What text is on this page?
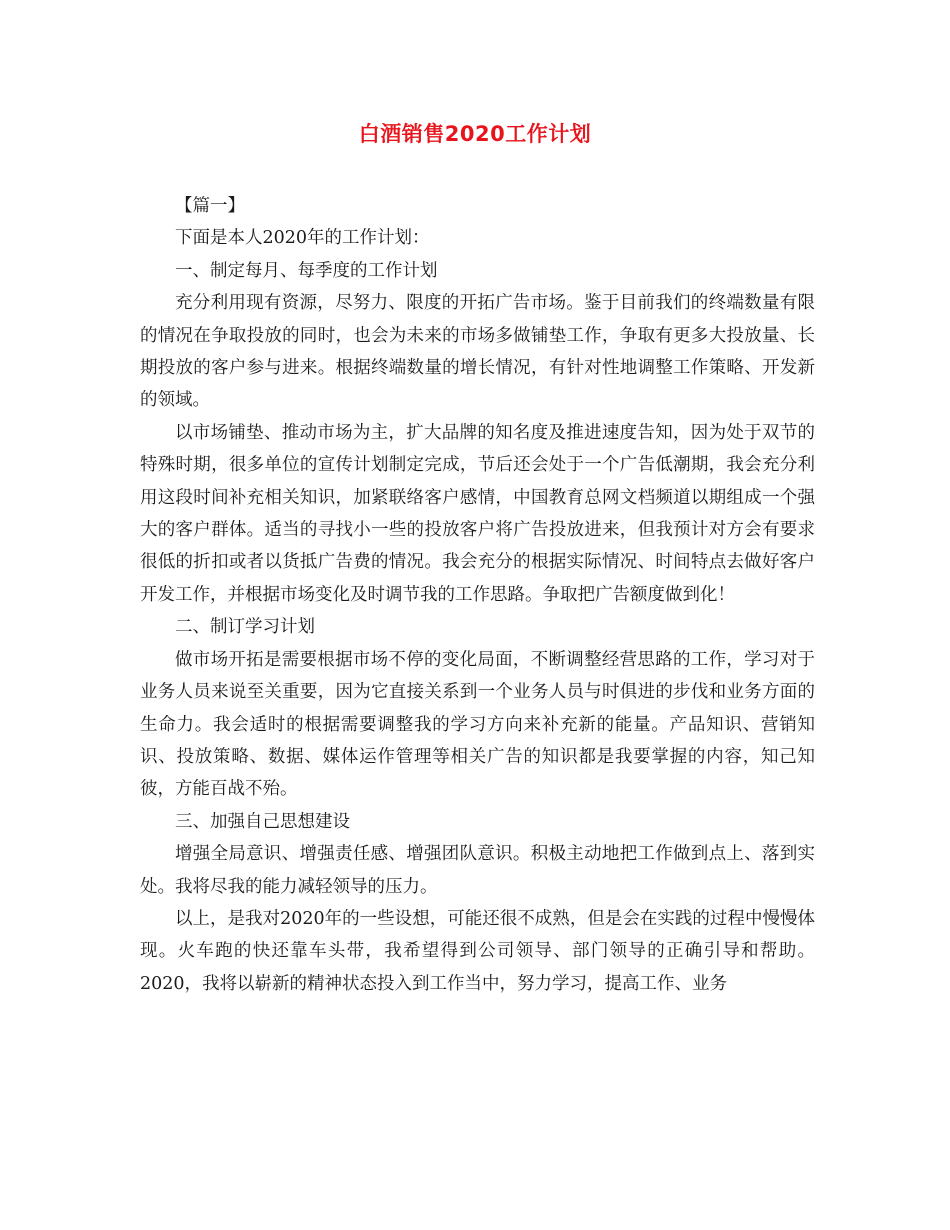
白酒销售2020工作计划

【篇一】

下面是本人2020年的工作计划：

一、制定每月、每季度的工作计划

充分利用现有资源，尽努力、限度的开拓广告市场。鉴于目前我们的终端数量有限的情况在争取投放的同时，也会为未来的市场多做铺垫工作，争取有更多大投放量、长期投放的客户参与进来。根据终端数量的增长情况，有针对性地调整工作策略、开发新的领域。

以市场铺垫、推动市场为主，扩大品牌的知名度及推进速度告知，因为处于双节的特殊时期，很多单位的宣传计划制定完成，节后还会处于一个广告低潮期，我会充分利用这段时间补充相关知识，加紧联络客户感情，中国教育总网文档频道以期组成一个强大的客户群体。适当的寻找小一些的投放客户将广告投放进来，但我预计对方会有要求很低的折扣或者以货抵广告费的情况。我会充分的根据实际情况、时间特点去做好客户开发工作，并根据市场变化及时调节我的工作思路。争取把广告额度做到化！

二、制订学习计划

做市场开拓是需要根据市场不停的变化局面，不断调整经营思路的工作，学习对于业务人员来说至关重要，因为它直接关系到一个业务人员与时俱进的步伐和业务方面的生命力。我会适时的根据需要调整我的学习方向来补充新的能量。产品知识、营销知识、投放策略、数据、媒体运作管理等相关广告的知识都是我要掌握的内容，知己知彼，方能百战不殆。

三、加强自己思想建设

增强全局意识、增强责任感、增强团队意识。积极主动地把工作做到点上、落到实处。我将尽我的能力减轻领导的压力。

以上，是我对2020年的一些设想，可能还很不成熟，但是会在实践的过程中慢慢体现。火车跑的快还靠车头带，我希望得到公司领导、部门领导的正确引导和帮助。2020，我将以崭新的精神状态投入到工作当中，努力学习，提高工作、业务
